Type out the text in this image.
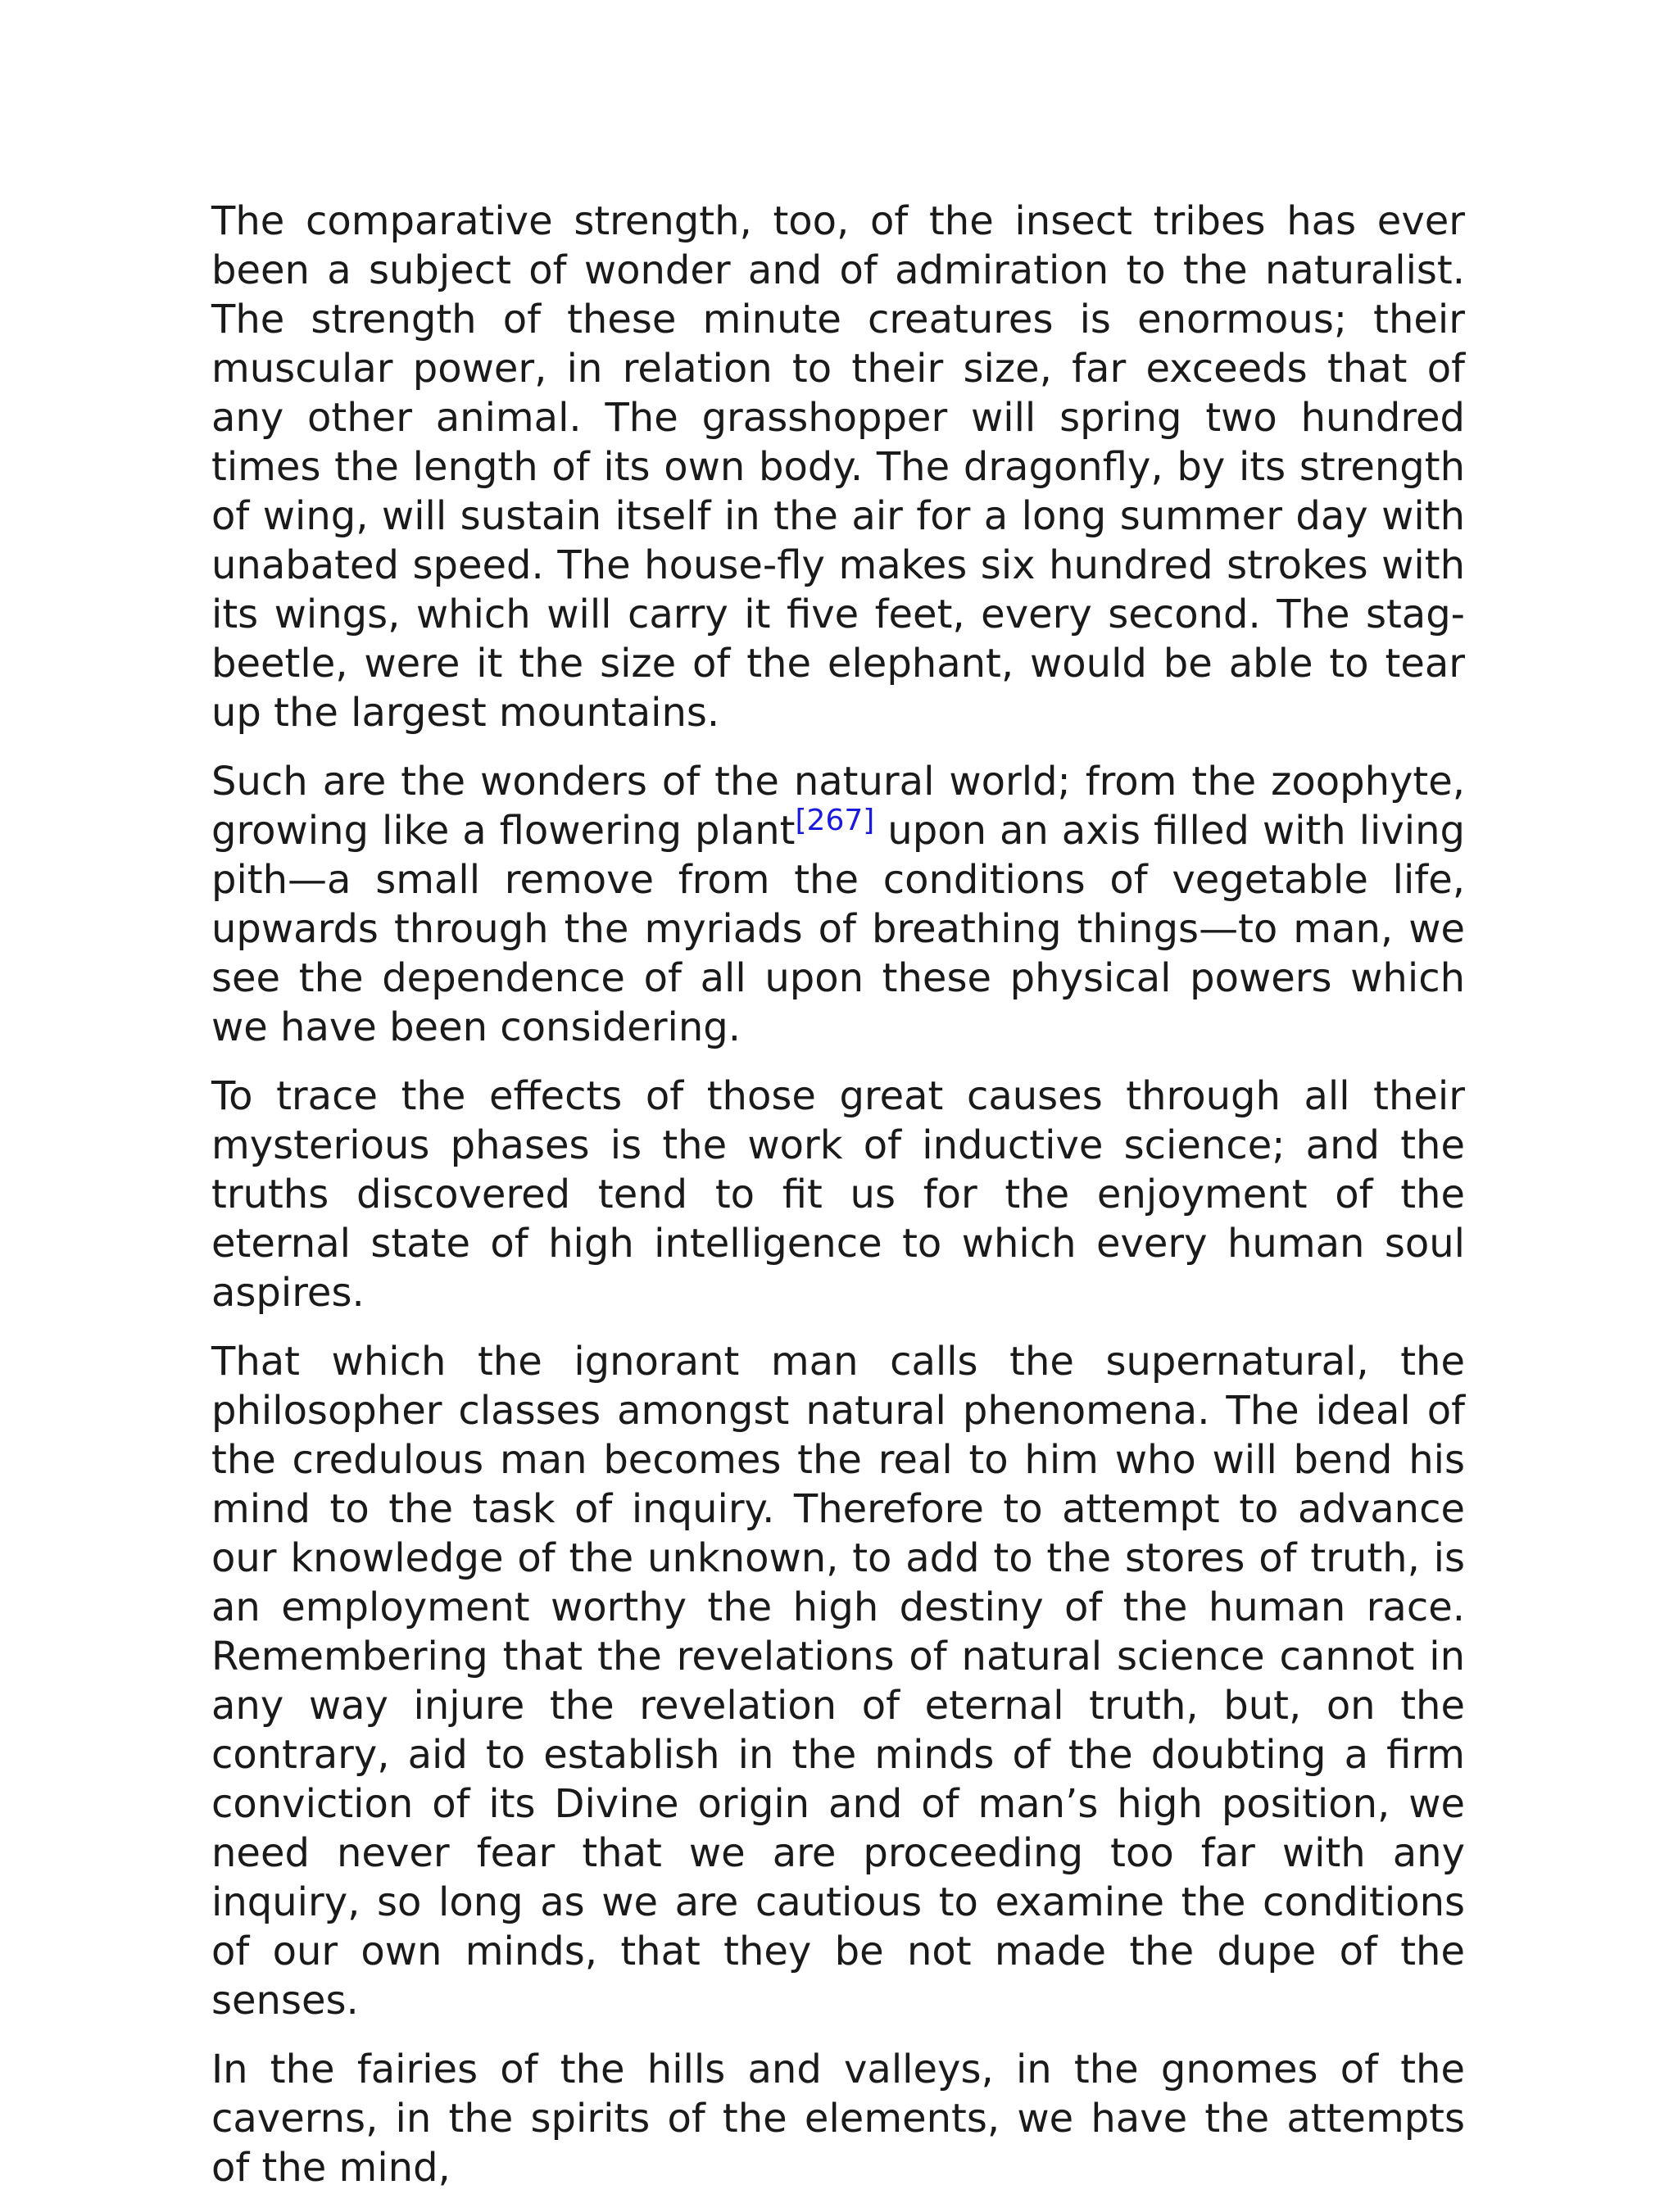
The comparative strength, too, of the insect tribes has ever been a subject of wonder and of admiration to the naturalist. The strength of these minute creatures is enormous; their muscular power, in relation to their size, far exceeds that of any other animal. The grasshopper will spring two hundred times the length of its own body. The dragonfly, by its strength of wing, will sustain itself in the air for a long summer day with unabated speed. The house-fly makes six hundred strokes with its wings, which will carry it five feet, every second. The stag-beetle, were it the size of the elephant, would be able to tear up the largest mountains.

Such are the wonders of the natural world; from the zoophyte, growing like a flowering plant[267] upon an axis filled with living pith—a small remove from the conditions of vegetable life, upwards through the myriads of breathing things—to man, we see the dependence of all upon these physical powers which we have been considering.

To trace the effects of those great causes through all their mysterious phases is the work of inductive science; and the truths discovered tend to fit us for the enjoyment of the eternal state of high intelligence to which every human soul aspires.

That which the ignorant man calls the supernatural, the philosopher classes amongst natural phenomena. The ideal of the credulous man becomes the real to him who will bend his mind to the task of inquiry. Therefore to attempt to advance our knowledge of the unknown, to add to the stores of truth, is an employment worthy the high destiny of the human race. Remembering that the revelations of natural science cannot in any way injure the revelation of eternal truth, but, on the contrary, aid to establish in the minds of the doubting a firm conviction of its Divine origin and of man’s high position, we need never fear that we are proceeding too far with any inquiry, so long as we are cautious to examine the conditions of our own minds, that they be not made the dupe of the senses.

In the fairies of the hills and valleys, in the gnomes of the caverns, in the spirits of the elements, we have the attempts of the mind,
